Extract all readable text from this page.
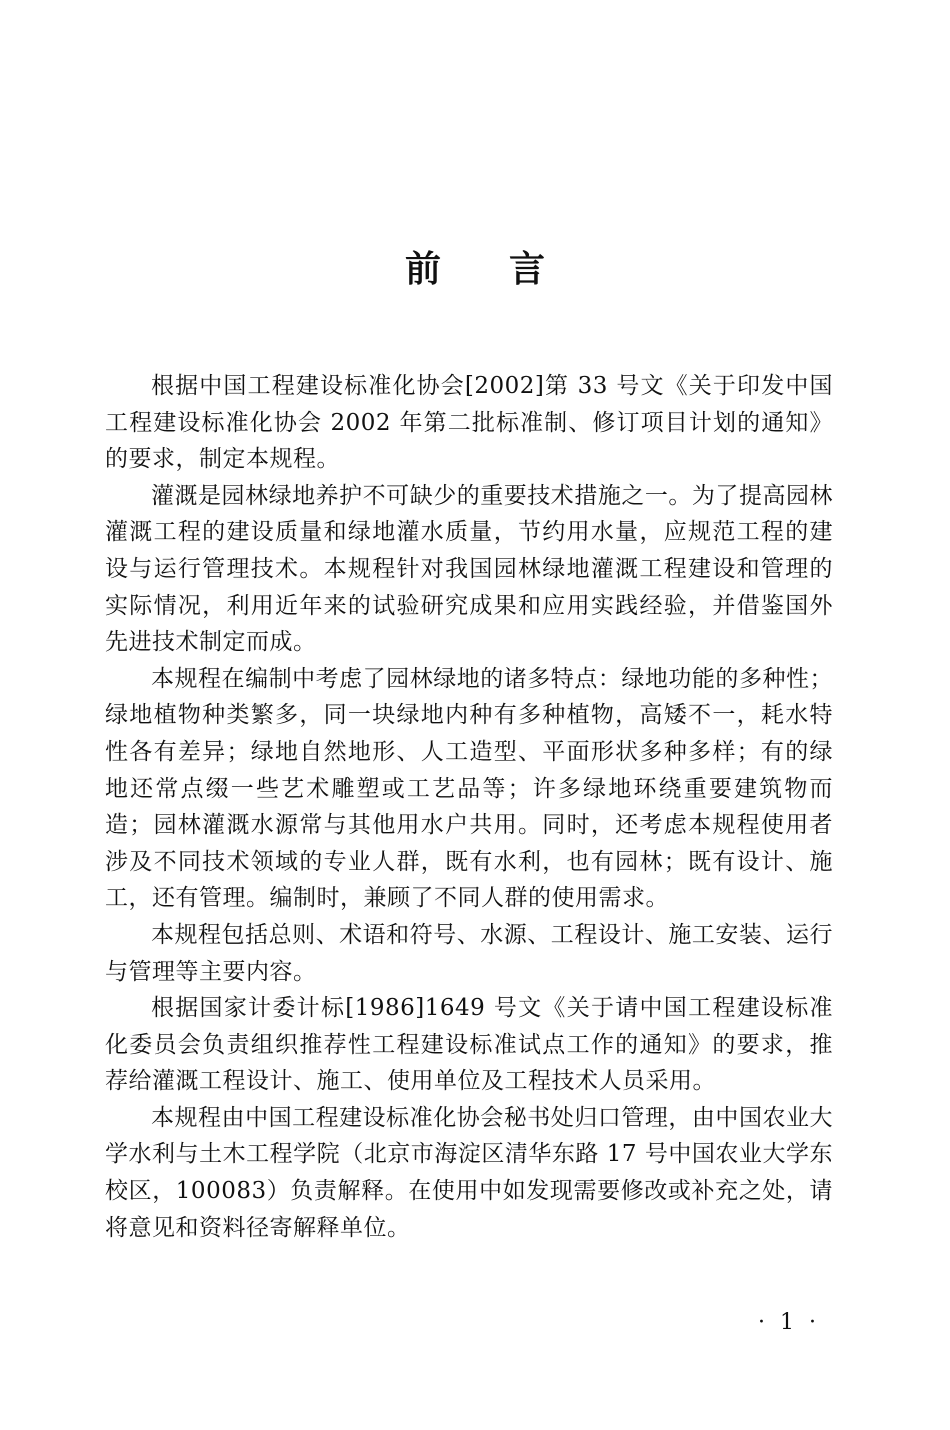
前言

根据中国工程建设标准化协会[2002]第 33 号文《关于印发中国工程建设标准化协会 2002 年第二批标准制、修订项目计划的通知》的要求，制定本规程。

灌溉是园林绿地养护不可缺少的重要技术措施之一。为了提高园林灌溉工程的建设质量和绿地灌水质量，节约用水量，应规范工程的建设与运行管理技术。本规程针对我国园林绿地灌溉工程建设和管理的实际情况，利用近年来的试验研究成果和应用实践经验，并借鉴国外先进技术制定而成。

本规程在编制中考虑了园林绿地的诸多特点：绿地功能的多种性；绿地植物种类繁多，同一块绿地内种有多种植物，高矮不一，耗水特性各有差异；绿地自然地形、人工造型、平面形状多种多样；有的绿地还常点缀一些艺术雕塑或工艺品等；许多绿地环绕重要建筑物而造；园林灌溉水源常与其他用水户共用。同时，还考虑本规程使用者涉及不同技术领域的专业人群，既有水利，也有园林；既有设计、施工，还有管理。编制时，兼顾了不同人群的使用需求。

本规程包括总则、术语和符号、水源、工程设计、施工安装、运行与管理等主要内容。

根据国家计委计标[1986]1649 号文《关于请中国工程建设标准化委员会负责组织推荐性工程建设标准试点工作的通知》的要求，推荐给灌溉工程设计、施工、使用单位及工程技术人员采用。

本规程由中国工程建设标准化协会秘书处归口管理，由中国农业大学水利与土木工程学院（北京市海淀区清华东路 17 号中国农业大学东校区，100083）负责解释。在使用中如发现需要修改或补充之处，请将意见和资料径寄解释单位。

· 1 ·
